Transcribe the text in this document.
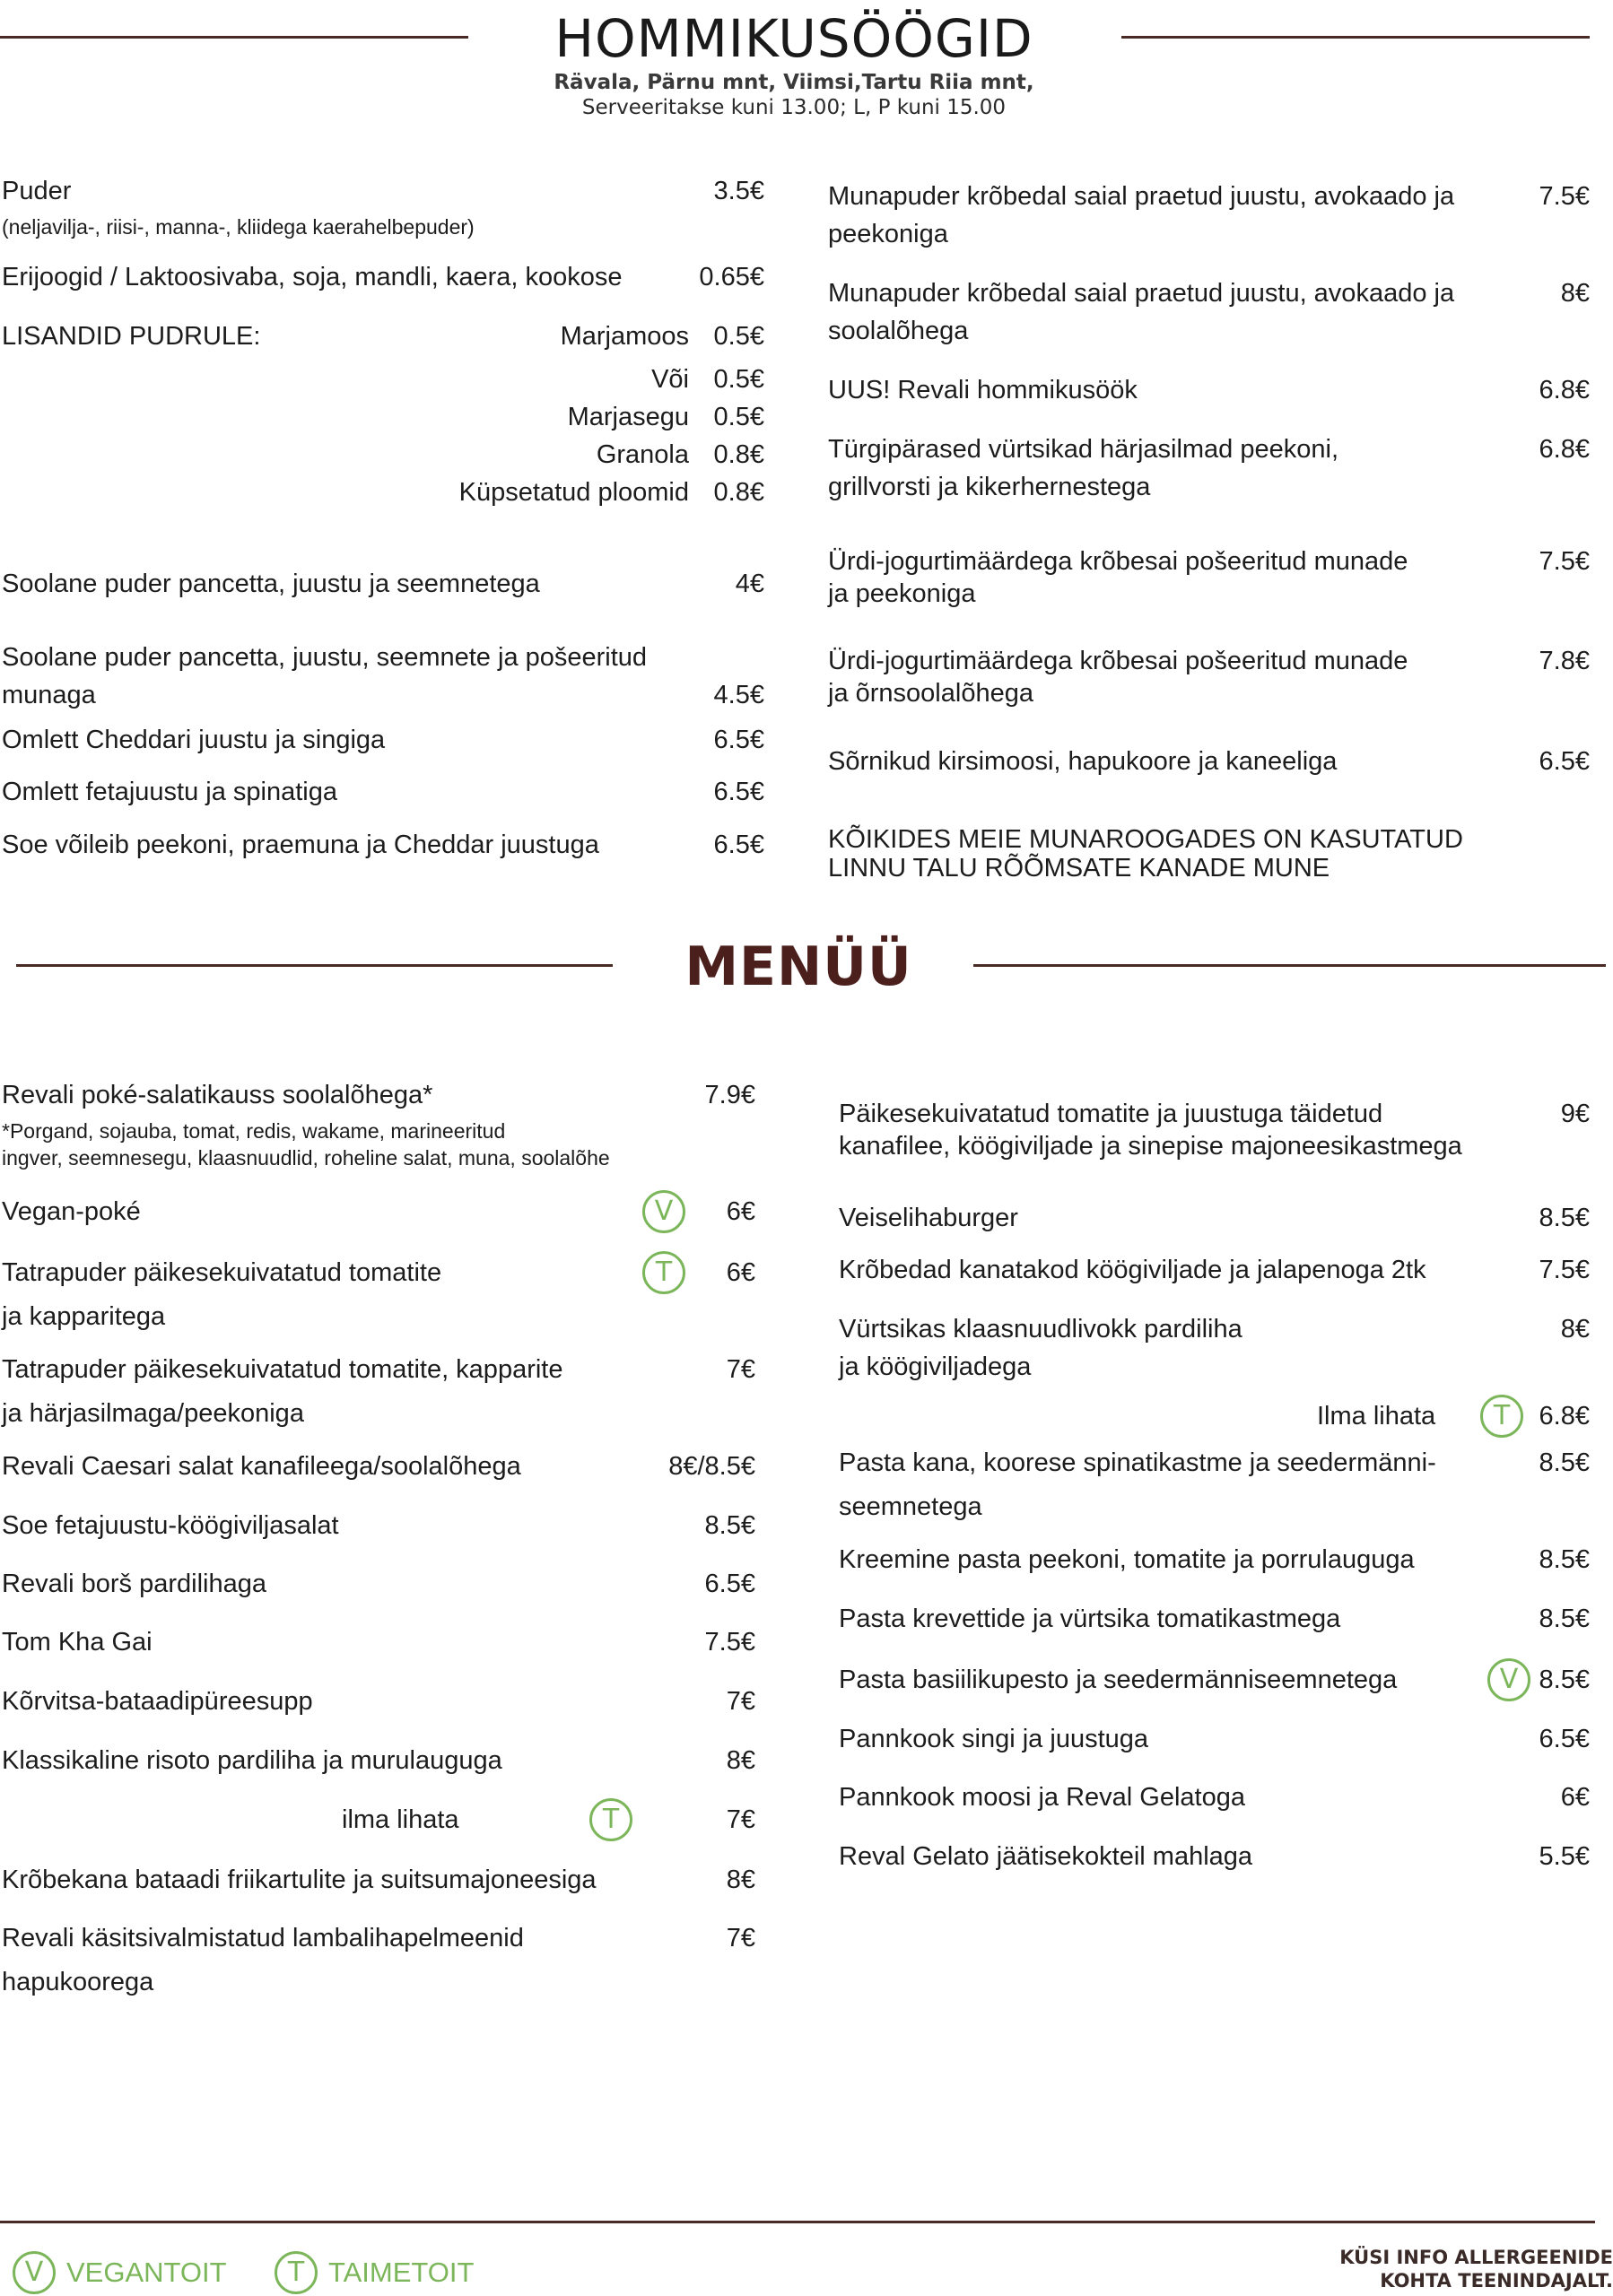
HOMMIKUSÖÖGID
Rävala, Pärnu mnt, Viimsi,Tartu Riia mnt,
Serveeritakse kuni 13.00; L, P kuni 15.00
Puder	3.5€
(neljavilja-, riisi-, manna-, kliidega kaerahelbepuder)
Erijoogid / Laktoosivaba, soja, mandli, kaera, kookose	0.65€
LISANDID PUDRULE:	Marjamoos 0.5€
Või 0.5€
Marjasegu 0.5€
Granola 0.8€
Küpsetatud ploomid 0.8€
Soolane puder pancetta, juustu ja seemnetega	4€
Soolane puder pancetta, juustu, seemnete ja pošeeritud
munaga	4.5€
Omlett Cheddari juustu ja singiga	6.5€
Omlett fetajuustu ja spinatiga	6.5€
Soe võileib peekoni, praemuna ja Cheddar juustuga	6.5€
Munapuder krõbedal saial praetud juustu, avokaado ja
peekoniga
7.5€
Munapuder krõbedal saial praetud juustu, avokaado ja
soolalõhega
8€
UUS! Revali hommikusöök	6.8€
Türgipärased vürtsikad härjasilmad peekoni,
grillvorsti ja kikerhernestega
6.8€
Ürdi-jogurtimäärdega krõbesai pošeeritud munade
ja peekoniga
7.5€
Ürdi-jogurtimäärdega krõbesai pošeeritud munade
ja õrnsoolalõhega
7.8€
Sõrnikud kirsimoosi, hapukoore ja kaneeliga	6.5€
KÕIKIDES MEIE MUNAROOGADES ON KASUTATUD
LINNU TALU RÕÕMSATE KANADE MUNE
MENÜÜ
Revali poké-salatikauss soolalõhega*	7.9€
*Porgand, sojauba, tomat, redis, wakame, marineeritud
ingver, seemnesegu, klaasnuudlid, roheline salat, muna, soolalõhe
Vegan-poké	V	6€
Tatrapuder päikesekuivatatud tomatite
ja kapparitega
T	6€
Tatrapuder päikesekuivatatud tomatite, kapparite
ja härjasilmaga/peekoniga
7€
Revali Caesari salat kanafileega/soolalõhega	8€/8.5€
Soe fetajuustu-köögiviljasalat	8.5€
Revali borš pardilihaga	6.5€
Tom Kha Gai	7.5€
Kõrvitsa-bataadipüreesupp	7€
Klassikaline risoto pardiliha ja murulauguga	8€
ilma lihata	T	7€
Krõbekana bataadi friikartulite ja suitsumajoneesiga	8€
Revali käsitsivalmistatud lambalihapelmeenid
hapukoorega
7€
Päikesekuivatatud tomatite ja juustuga täidetud
kanafilee, köögiviljade ja sinepise majoneesikastmega
9€
Veiselihaburger	8.5€
Krõbedad kanatakod köögiviljade ja jalapenoga 2tk	7.5€
Vürtsikas klaasnuudlivokk pardiliha
ja köögiviljadega
8€
Ilma lihata	T	6.8€
Pasta kana, koorese spinatikastme ja seedermänni-
seemnetega
8.5€
Kreemine pasta peekoni, tomatite ja porrulauguga	8.5€
Pasta krevettide ja vürtsika tomatikastmega	8.5€
Pasta basiilikupesto ja seedermänniseemnetega	V 8.5€
Pannkook singi ja juustuga	6.5€
Pannkook moosi ja Reval Gelatoga	6€
Reval Gelato jäätisekokteil mahlaga	5.5€
V VEGANTOIT	T TAIMETOIT	KÜSI INFO ALLERGEENIDE
KOHTA TEENINDAJALT.
